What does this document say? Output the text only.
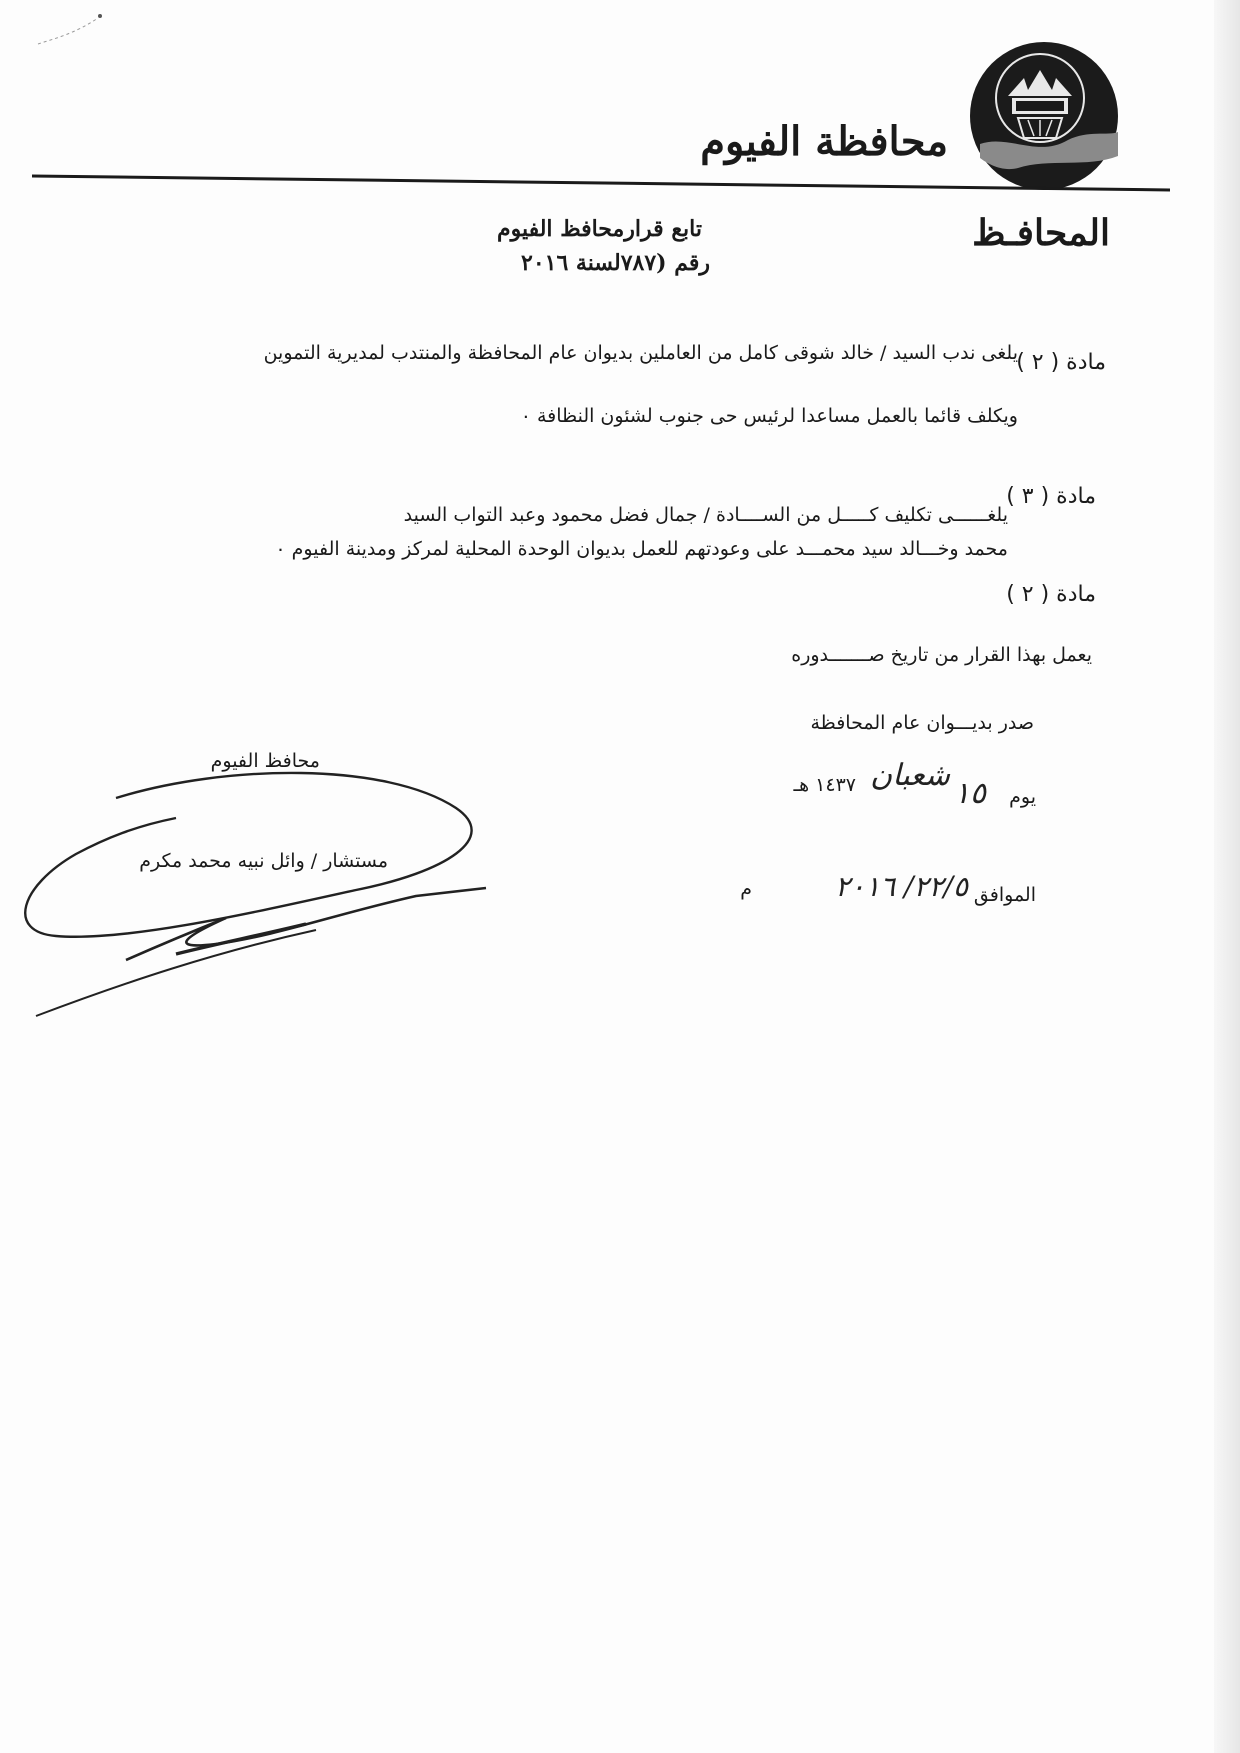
محافظة الفيوم
المحافـظ
تابع قرارمحافظ الفيوم
رقم (٧٨٧لسنة ٢٠١٦
مادة ( ٢ )
يلغى ندب السيد / خالد شوقى كامل من العاملين بديوان عام المحافظة والمنتدب لمديرية التموين
ويكلف قائما بالعمل مساعدا لرئيس حى جنوب لشئون النظافة ٠
مادة ( ٣ )
يلغــــــى تكليف كـــــل من الســــادة / جمال فضل محمود وعبد التواب السيد
محمد وخـــالد سيد محمـــد على وعودتهم للعمل بديوان الوحدة المحلية لمركز ومدينة الفيوم ٠
مادة ( ٢ )
يعمل بهذا القرار من تاريخ صـــــــدوره
صدر بديـــوان عام المحافظة
يوم
١٥
شعبان
١٤٣٧ هـ
الموافق
٢٢/٥/ ٢٠١٦
م
محافظ الفيوم
مستشار / وائل نبيه محمد مكرم
